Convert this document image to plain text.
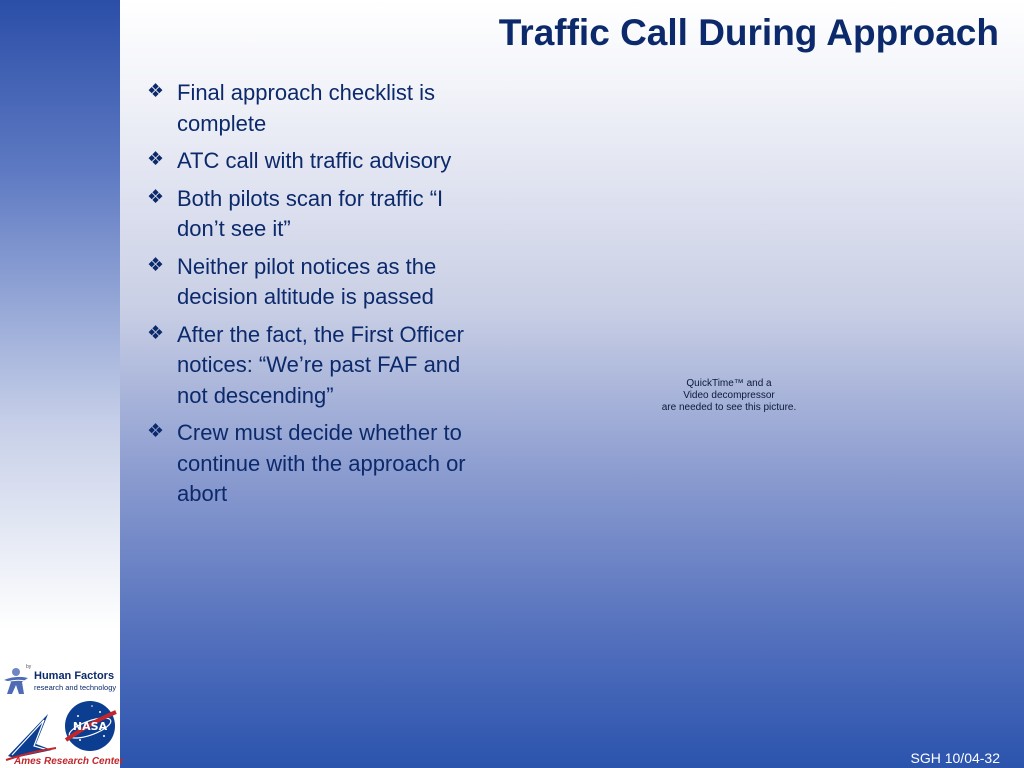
Traffic Call During Approach
❖ Final approach checklist is complete
❖ ATC call with traffic advisory
❖ Both pilots scan for traffic “I don’t see it”
❖ Neither pilot notices as the decision altitude is passed
❖ After the fact, the First Officer notices: “We’re past FAF and not descending”
❖ Crew must decide whether to continue with the approach or abort
QuickTime™ and a
Video decompressor
are needed to see this picture.
by
Human Factors
research and technology
NASA
Ames Research Center	SGH 10/04-32
